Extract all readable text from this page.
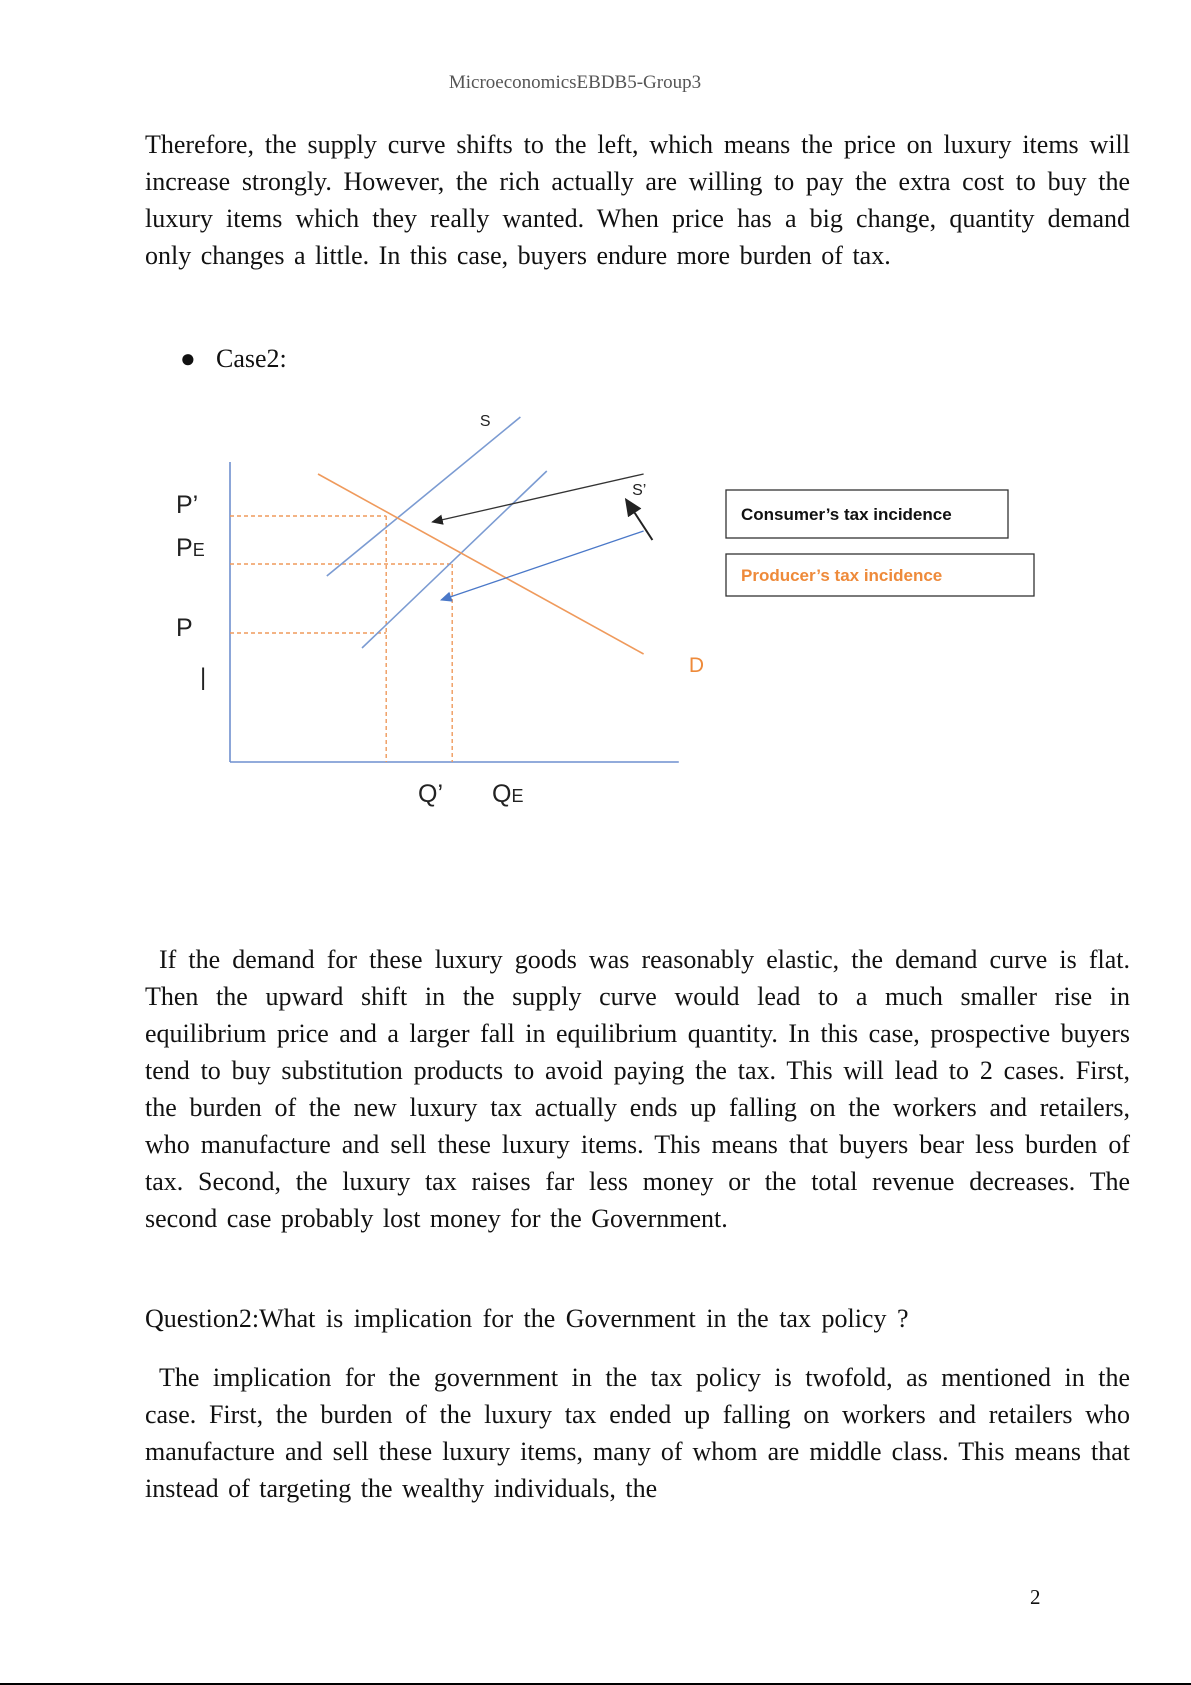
MicroeconomicsEBDB5-Group3

Therefore, the supply curve shifts to the left, which means the price on luxury items will increase strongly. However, the rich actually are willing to pay the extra cost to buy the luxury items which they really wanted. When price has a big change, quantity demand only changes a little. In this case, buyers endure more burden of tax.

● Case2:
S
S’
D
P’
PE
P
Q’ QE
|
Consumer’s tax incidence
Producer’s tax incidence

If the demand for these luxury goods was reasonably elastic, the demand curve is flat. Then the upward shift in the supply curve would lead to a much smaller rise in equilibrium price and a larger fall in equilibrium quantity. In this case, prospective buyers tend to buy substitution products to avoid paying the tax. This will lead to 2 cases. First, the burden of the new luxury tax actually ends up falling on the workers and retailers, who manufacture and sell these luxury items. This means that buyers bear less burden of tax. Second, the luxury tax raises far less money or the total revenue decreases. The second case probably lost money for the Government.

Question2:What is implication for the Government in the tax policy ?

The implication for the government in the tax policy is twofold, as mentioned in the case. First, the burden of the luxury tax ended up falling on workers and retailers who manufacture and sell these luxury items, many of whom are middle class. This means that instead of targeting the wealthy individuals, the

2
